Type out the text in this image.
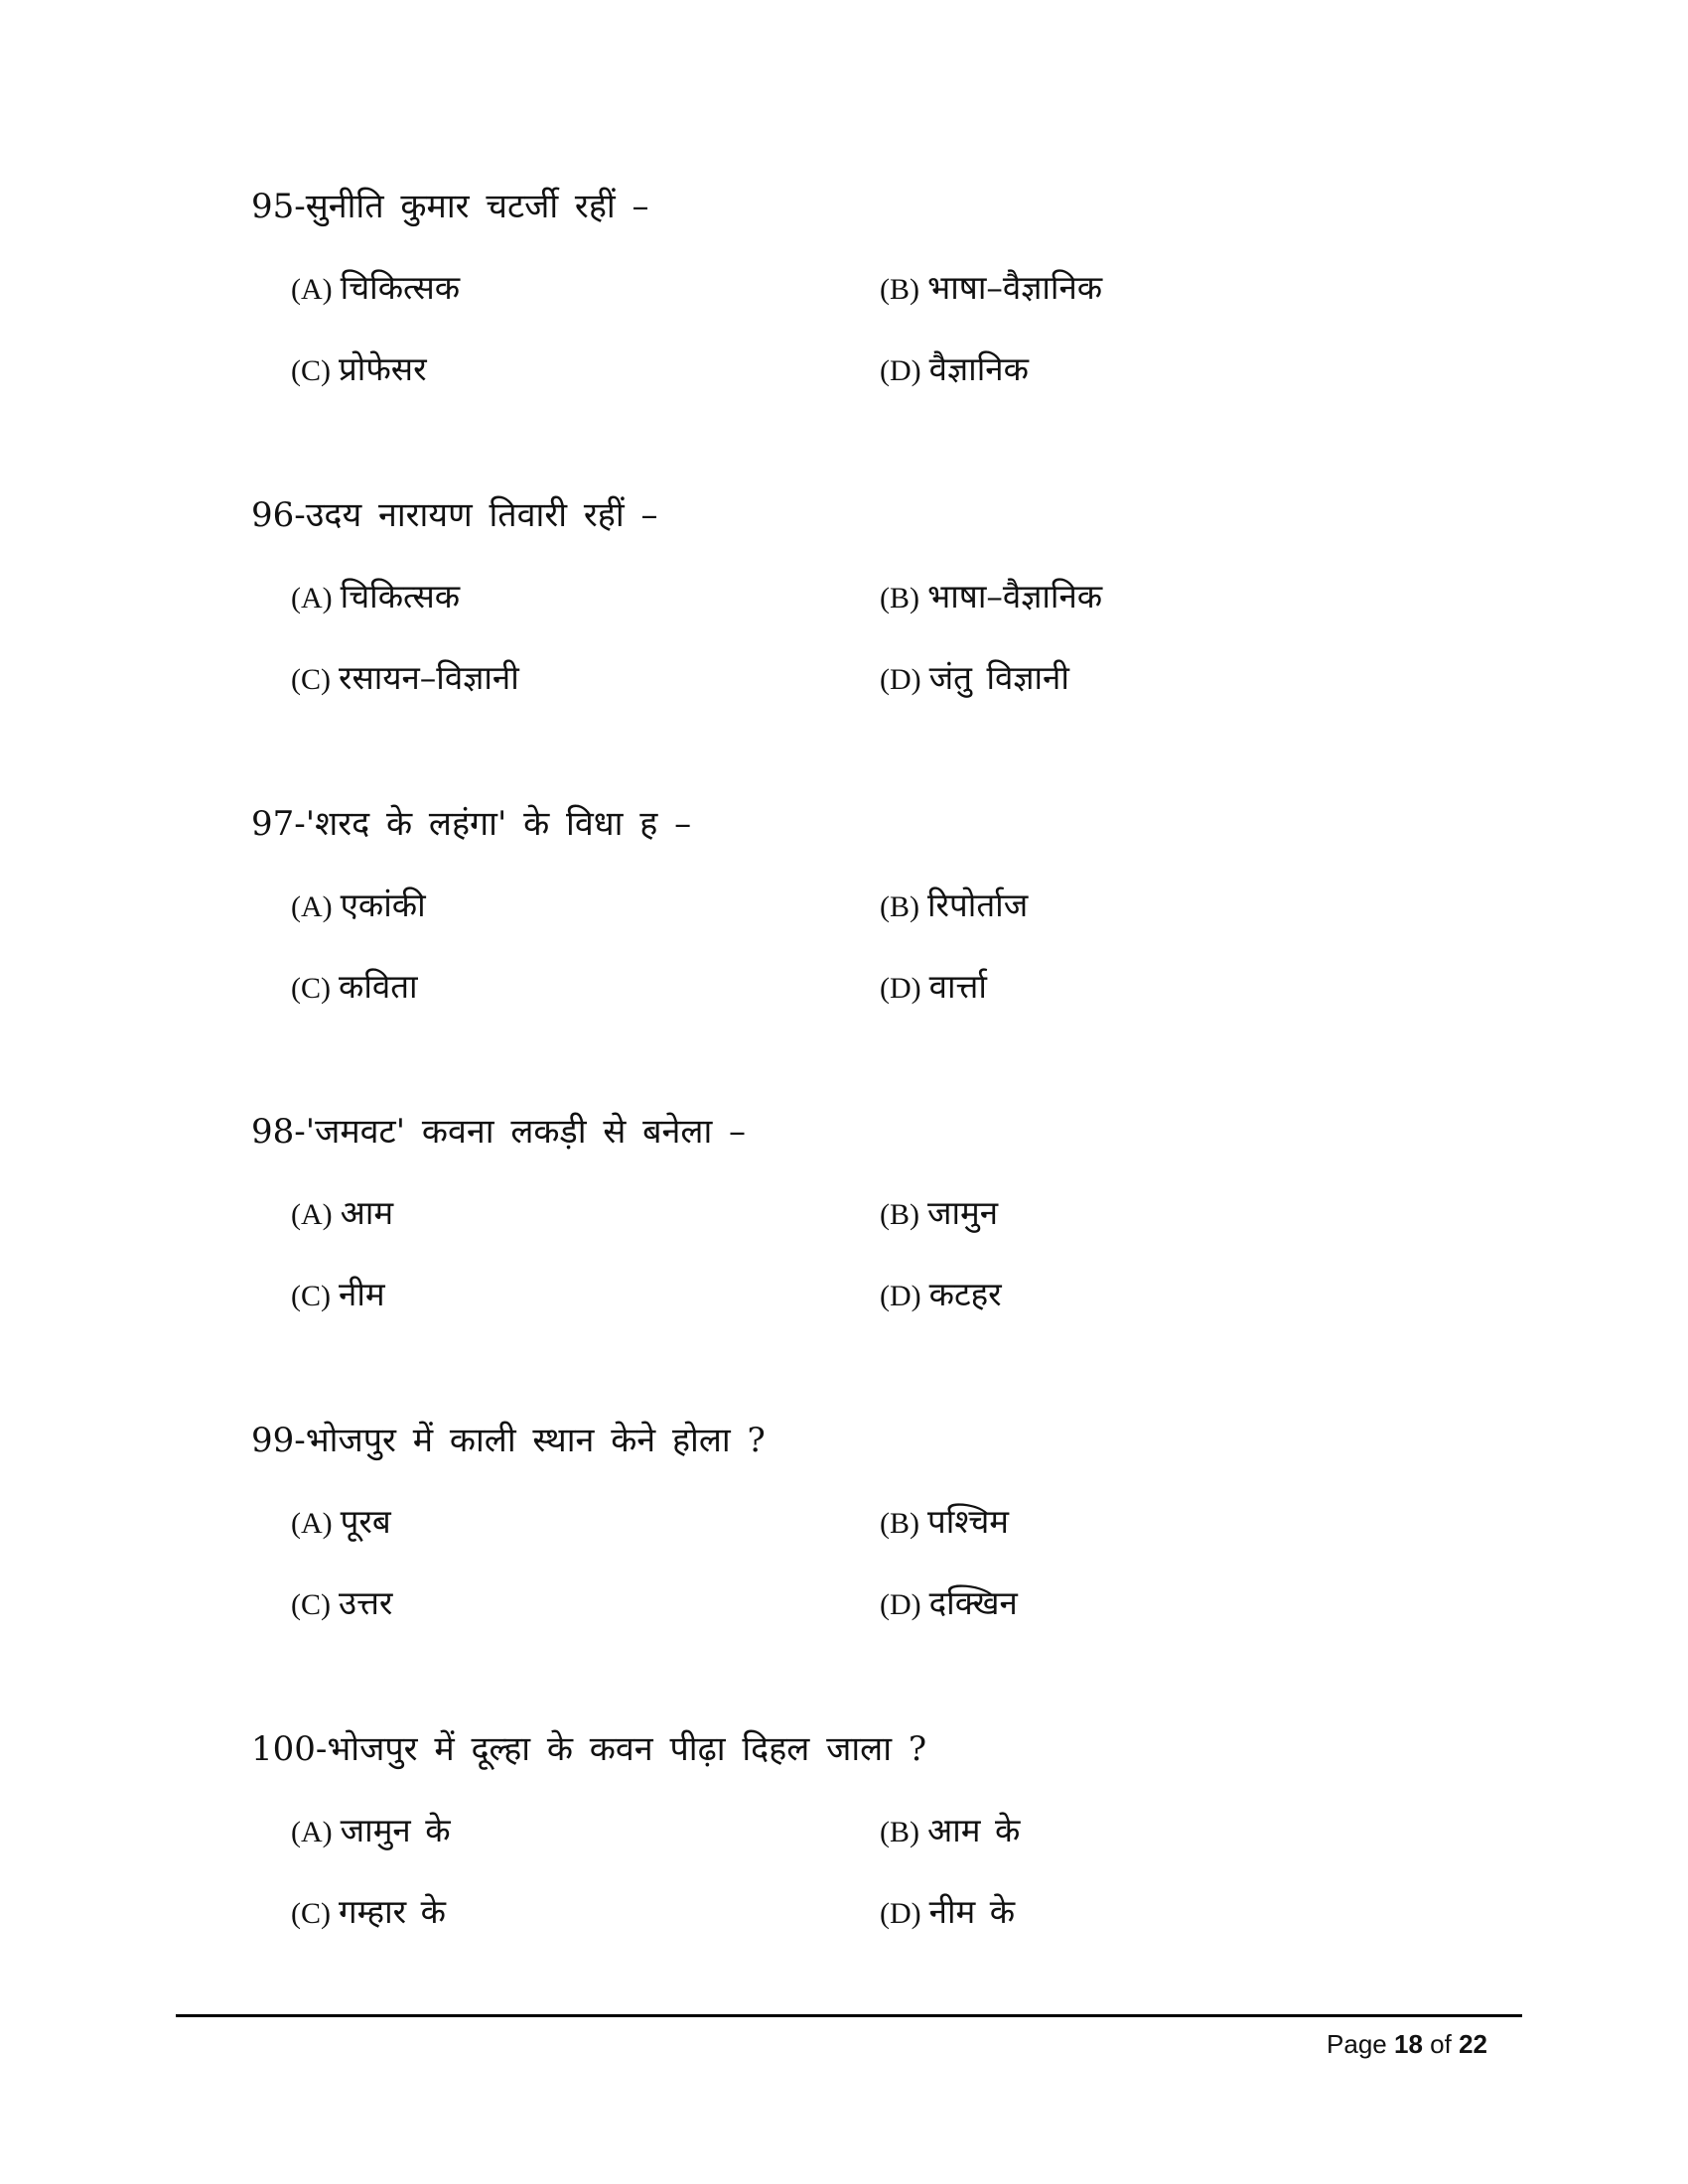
95-सुनीति कुमार चटर्जी रहीं –

(A) चिकित्सक	(B) भाषा–वैज्ञानिक
(C) प्रोफेसर	(D) वैज्ञानिक

96-उदय नारायण तिवारी रहीं –

(A) चिकित्सक	(B) भाषा–वैज्ञानिक
(C) रसायन–विज्ञानी	(D) जंतु विज्ञानी

97-'शरद के लहंगा' के विधा ह –

(A) एकांकी	(B) रिपोर्ताज
(C) कविता	(D) वार्त्ता

98-'जमवट' कवना लकड़ी से बनेला –

(A) आम	(B) जामुन
(C) नीम	(D) कटहर

99-भोजपुर में काली स्थान केने होला ?

(A) पूरब	(B) पश्चिम
(C) उत्तर	(D) दक्खिन

100-भोजपुर में दूल्हा के कवन पीढ़ा दिहल जाला ?

(A) जामुन के	(B) आम के
(C) गम्हार के	(D) नीम के
Page 18 of 22
